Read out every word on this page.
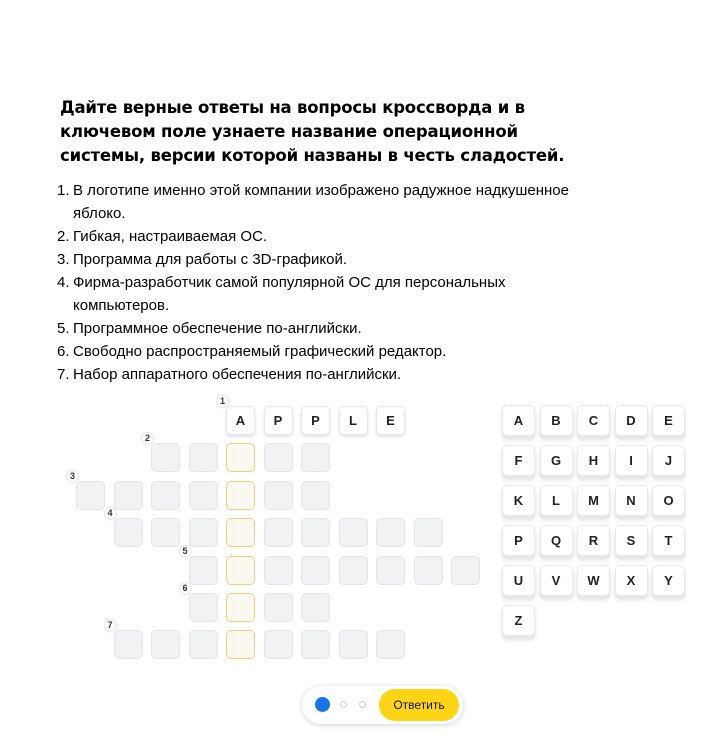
Дайте верные ответы на вопросы кроссворда и в ключевом поле узнаете название операционной системы, версии которой названы в честь сладостей.
1. В логотипе именно этой компании изображено радужное надкушенное яблоко.
2. Гибкая, настраиваемая ОС.
3. Программа для работы с 3D-графикой.
4. Фирма-разработчик самой популярной ОС для персональных компьютеров.
5. Программное обеспечение по-английски.
6. Свободно распространяемый графический редактор.
7. Набор аппаратного обеспечения по-английски.
1
A	P	P	L	E
2
3
4
5
6
7
A	B	C	D	E
F	G	H	I	J
K	L	M	N	O
P	Q	R	S	T
U	V	W	X	Y
Z
Ответить
